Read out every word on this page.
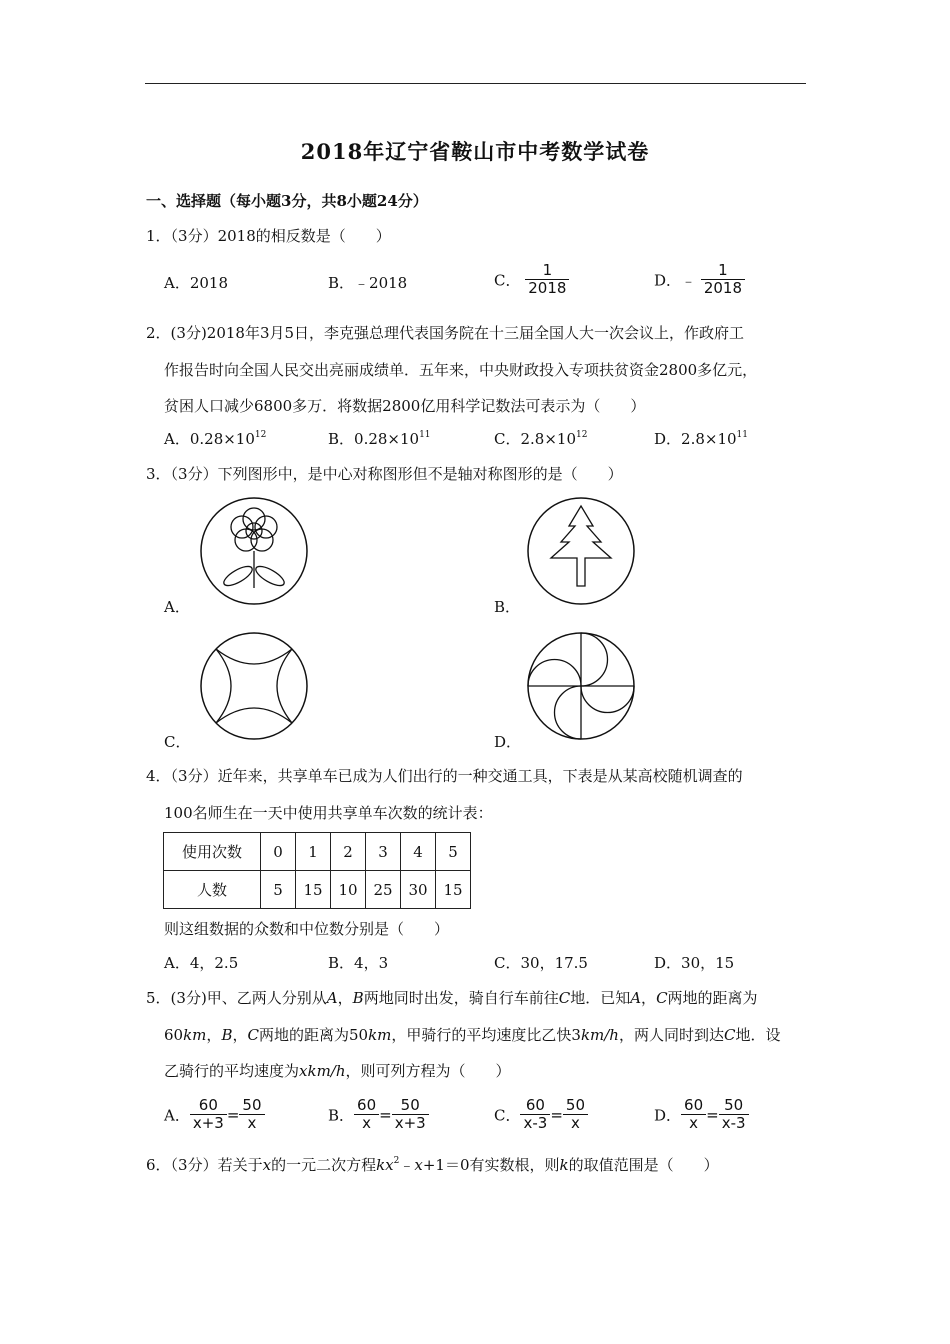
2018年辽宁省鞍山市中考数学试卷
一、选择题（每小题3分，共8小题24分）
1．（3分）2018的相反数是（　　）
A．2018	B．﹣2018	C． $\frac{1}{2018}$	D．﹣ $\frac{1}{2018}$
2．(3分)2018年3月5日，李克强总理代表国务院在十三届全国人大一次会议上，作政府工
作报告时向全国人民交出亮丽成绩单．五年来，中央财政投入专项扶贫资金2800多亿元，
贫困人口减少6800多万．将数据2800亿用科学记数法可表示为（　　）
A．$0.28\times 10^{12}$	B．$0.28\times 10^{11}$	C．$2.8\times 10^{12}$	D．$2.8\times 10^{11}$
3．（3分）下列图形中，是中心对称图形但不是轴对称图形的是（　　）
A．	B．
C．	D．
4．（3分）近年来，共享单车已成为人们出行的一种交通工具，下表是从某高校随机调查的
100名师生在一天中使用共享单车次数的统计表：
使用次数	0	1	2	3	4	5
人数	5	15	10	25	30	15
则这组数据的众数和中位数分别是（　　）
A．4，2.5	B．4，3	C．30，17.5	D．30，15
5．(3分)甲、乙两人分别从A，B两地同时出发，骑自行车前往C地．已知A，C两地的距离为
60km，B，C两地的距离为50km，甲骑行的平均速度比乙快3km/h，两人同时到达C地．设
乙骑行的平均速度为xkm/h，则可列方程为（　　）
A． $\frac{60}{x+3} = \frac{50}{x}$	B． $\frac{60}{x} = \frac{50}{x+3}$	C． $\frac{60}{x-3} = \frac{50}{x}$	D． $\frac{60}{x} = \frac{50}{x-3}$
6．（3分）若关于x的一元二次方程$kx^2﹣x+1=0$有实数根，则k的取值范围是（　　）
